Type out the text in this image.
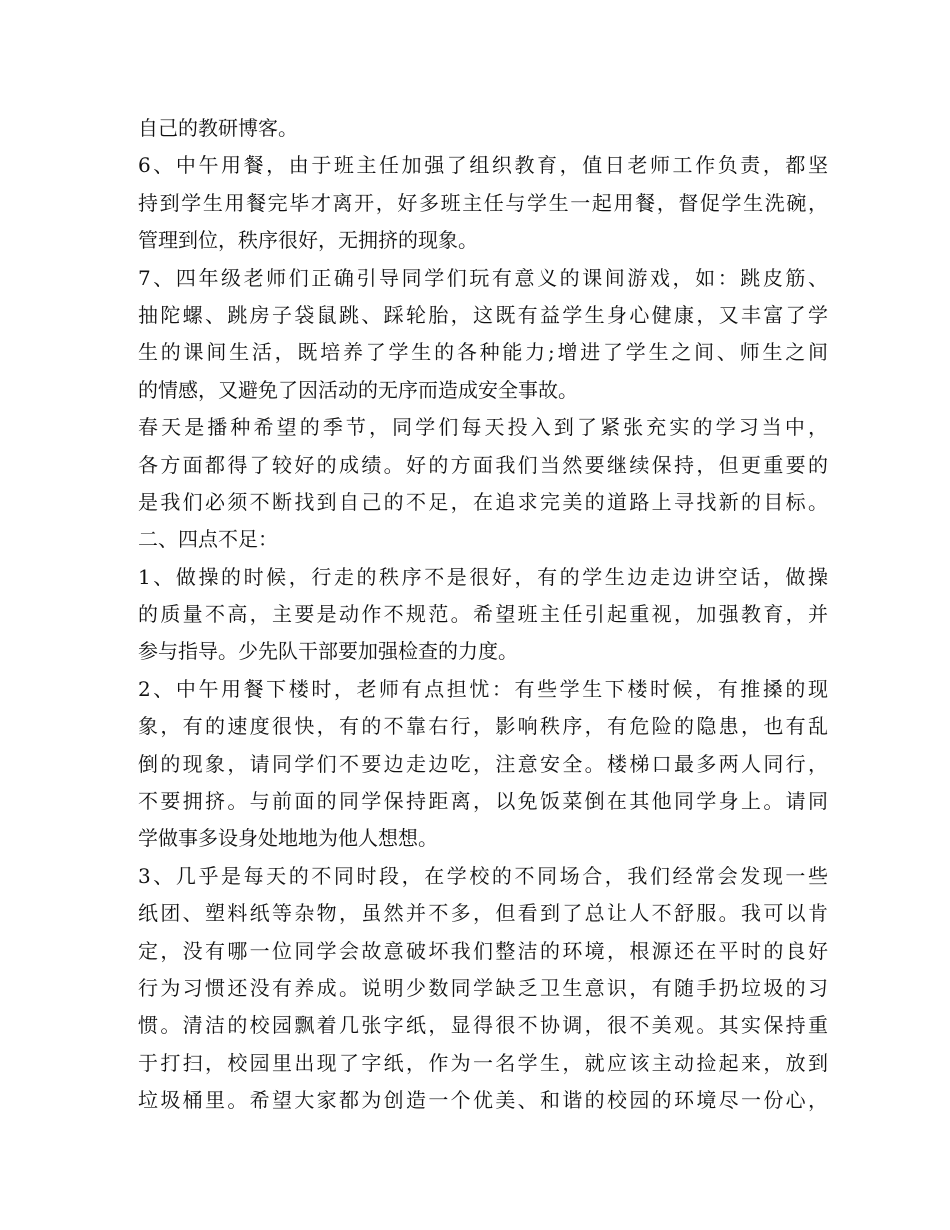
自己的教研博客。
6、中午用餐，由于班主任加强了组织教育，值日老师工作负责，都坚
持到学生用餐完毕才离开，好多班主任与学生一起用餐，督促学生洗碗，
管理到位，秩序很好，无拥挤的现象。
7、四年级老师们正确引导同学们玩有意义的课间游戏，如：跳皮筋、
抽陀螺、跳房子袋鼠跳、踩轮胎，这既有益学生身心健康，又丰富了学
生的课间生活，既培养了学生的各种能力;增进了学生之间、师生之间
的情感，又避免了因活动的无序而造成安全事故。
春天是播种希望的季节，同学们每天投入到了紧张充实的学习当中，
各方面都得了较好的成绩。好的方面我们当然要继续保持，但更重要的
是我们必须不断找到自己的不足，在追求完美的道路上寻找新的目标。
二、四点不足：
1、做操的时候，行走的秩序不是很好，有的学生边走边讲空话，做操
的质量不高，主要是动作不规范。希望班主任引起重视，加强教育，并
参与指导。少先队干部要加强检查的力度。
2、中午用餐下楼时，老师有点担忧：有些学生下楼时候，有推搡的现
象，有的速度很快，有的不靠右行，影响秩序，有危险的隐患，也有乱
倒的现象，请同学们不要边走边吃，注意安全。楼梯口最多两人同行，
不要拥挤。与前面的同学保持距离，以免饭菜倒在其他同学身上。请同
学做事多设身处地地为他人想想。
3、几乎是每天的不同时段，在学校的不同场合，我们经常会发现一些
纸团、塑料纸等杂物，虽然并不多，但看到了总让人不舒服。我可以肯
定，没有哪一位同学会故意破坏我们整洁的环境，根源还在平时的良好
行为习惯还没有养成。说明少数同学缺乏卫生意识，有随手扔垃圾的习
惯。清洁的校园飘着几张字纸，显得很不协调，很不美观。其实保持重
于打扫，校园里出现了字纸，作为一名学生，就应该主动捡起来，放到
垃圾桶里。希望大家都为创造一个优美、和谐的校园的环境尽一份心，
